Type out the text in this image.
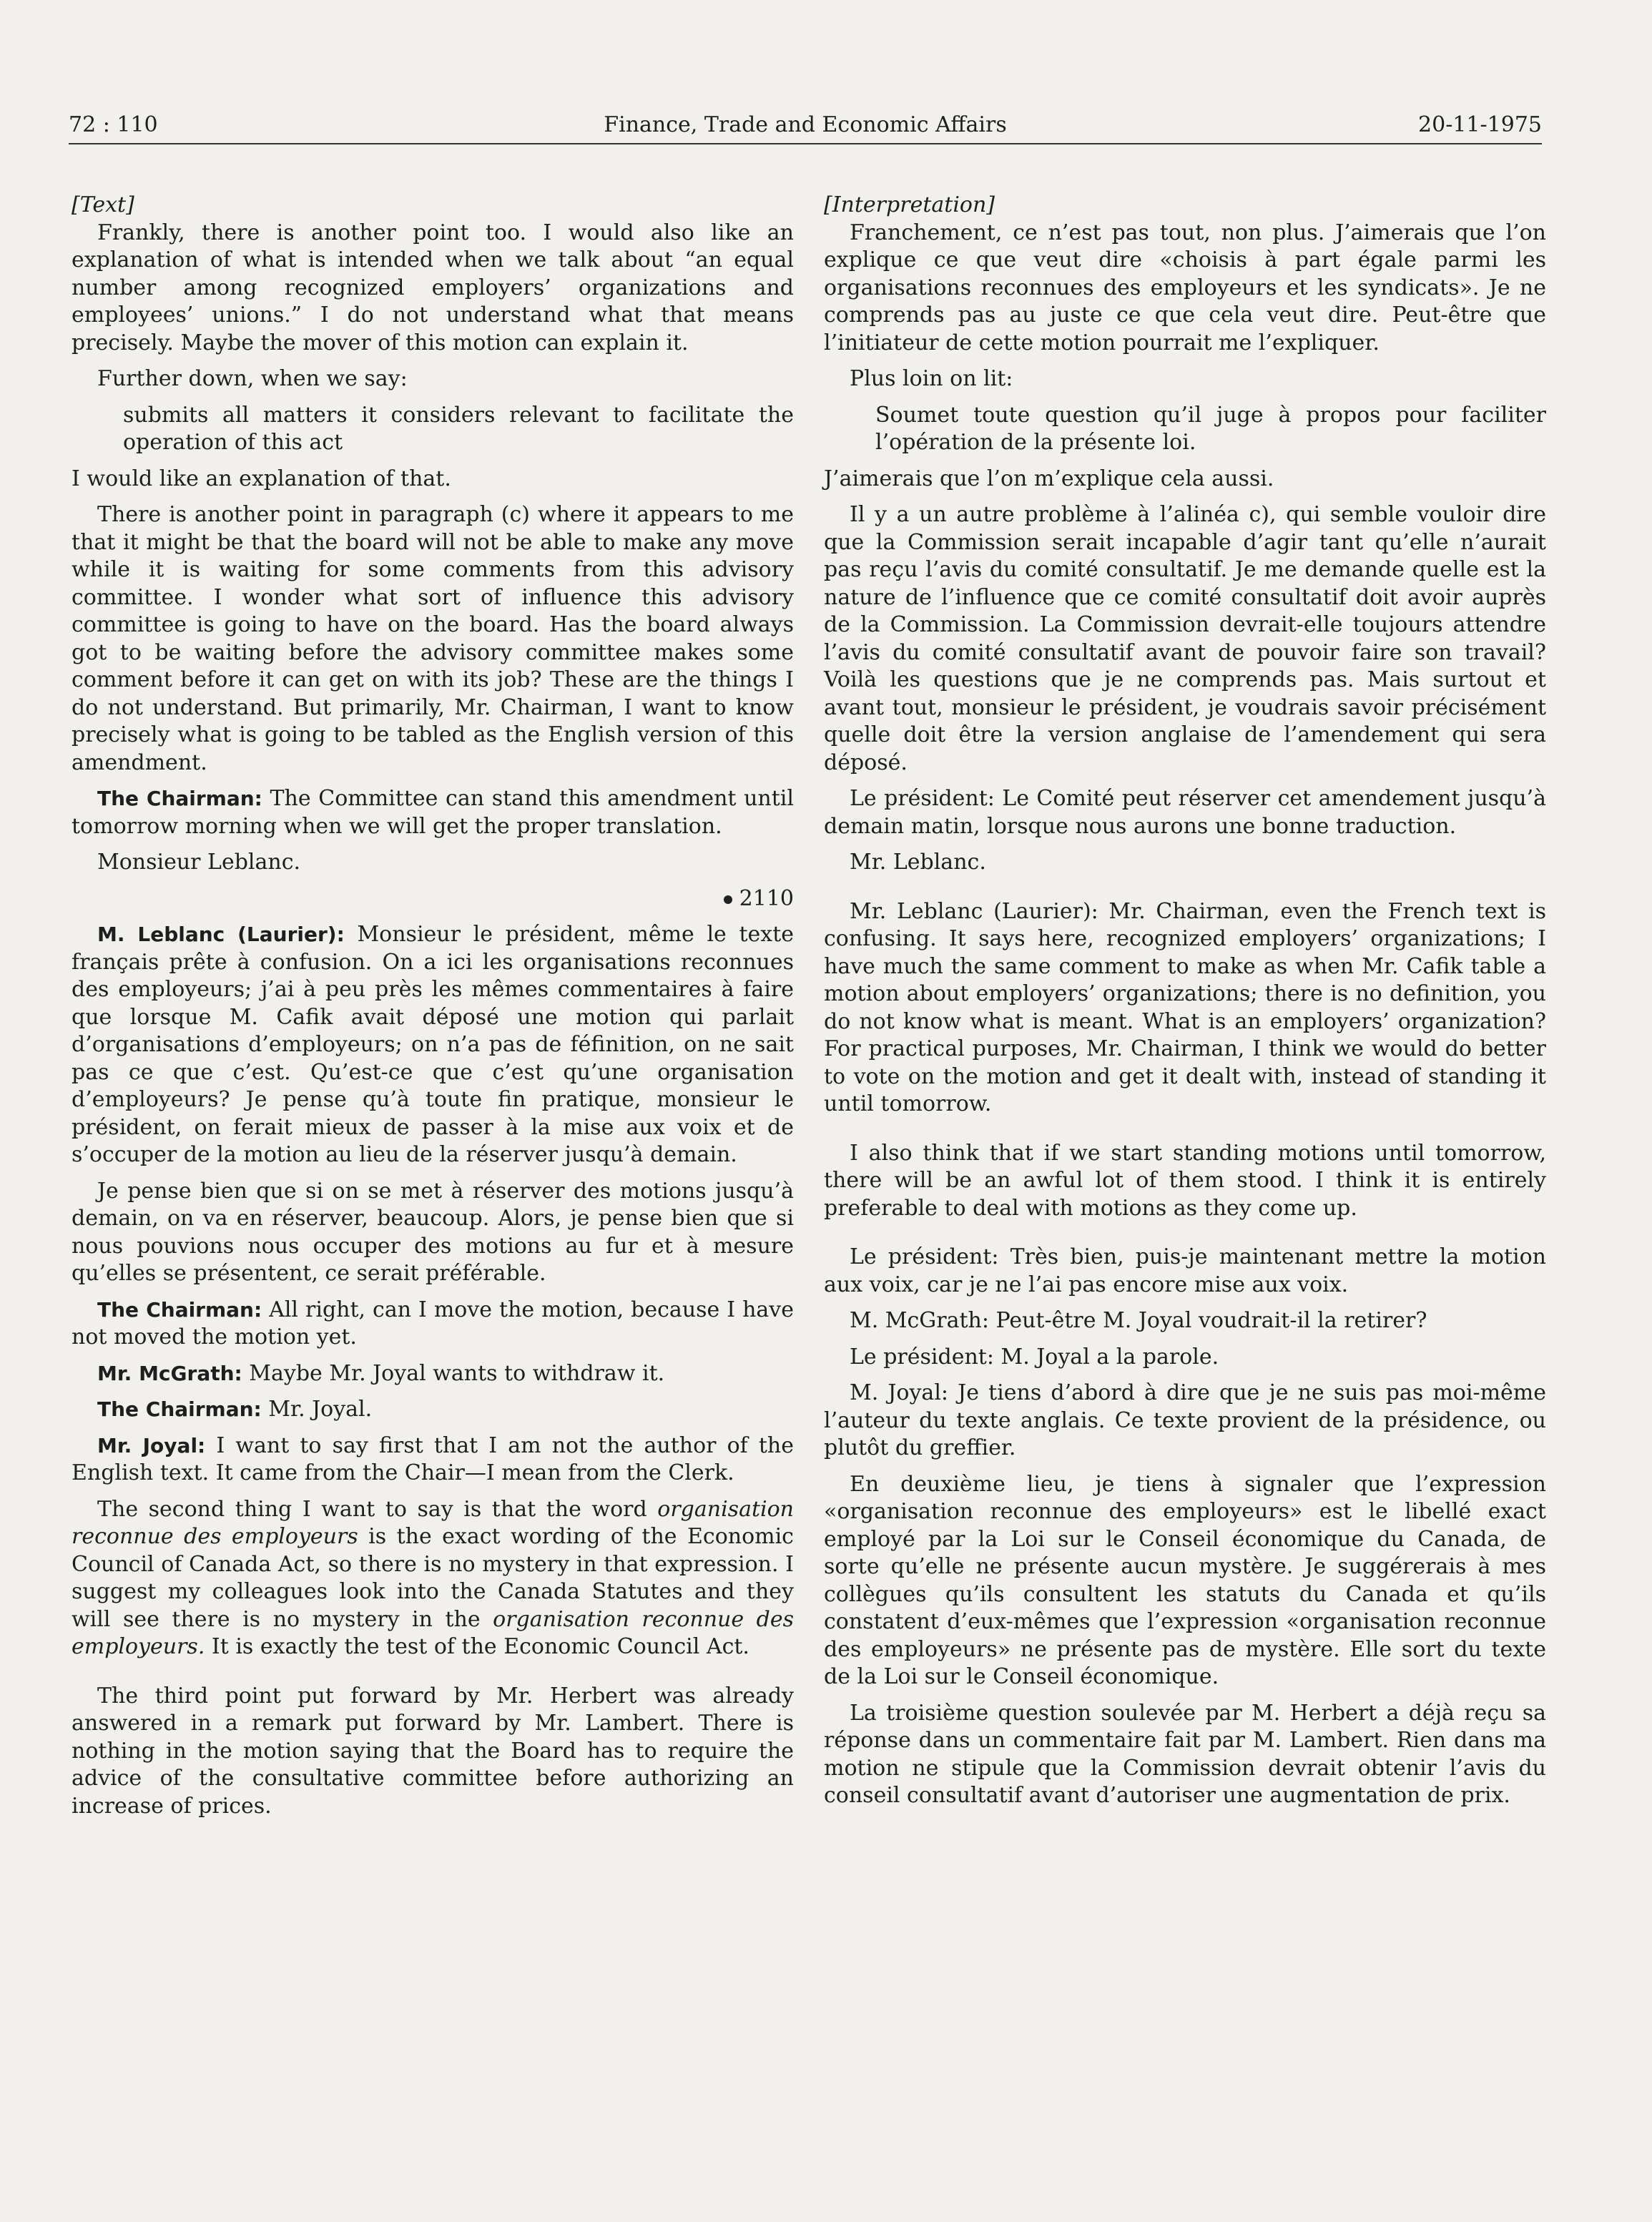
72 : 110	Finance, Trade and Economic Affairs	20-11-1975

[Text]

Frankly, there is another point too. I would also like an explanation of what is intended when we talk about “an equal number among recognized employers’ organizations and employees’ unions.” I do not understand what that means precisely. Maybe the mover of this motion can explain it.

Further down, when we say:

submits all matters it considers relevant to facilitate the operation of this act

I would like an explanation of that.

There is another point in paragraph (c) where it appears to me that it might be that the board will not be able to make any move while it is waiting for some comments from this advisory committee. I wonder what sort of influence this advisory committee is going to have on the board. Has the board always got to be waiting before the advisory committee makes some comment before it can get on with its job? These are the things I do not understand. But primarily, Mr. Chairman, I want to know precisely what is going to be tabled as the English version of this amendment.

The Chairman: The Committee can stand this amendment until tomorrow morning when we will get the proper translation.

Monsieur Leblanc.

2110

M. Leblanc (Laurier): Monsieur le président, même le texte français prête à confusion. On a ici les organisations reconnues des employeurs; j’ai à peu près les mêmes commentaires à faire que lorsque M. Cafik avait déposé une motion qui parlait d’organisations d’employeurs; on n’a pas de féfinition, on ne sait pas ce que c’est. Qu’est-ce que c’est qu’une organisation d’employeurs? Je pense qu’à toute fin pratique, monsieur le président, on ferait mieux de passer à la mise aux voix et de s’occuper de la motion au lieu de la réserver jusqu’à demain.

Je pense bien que si on se met à réserver des motions jusqu’à demain, on va en réserver, beaucoup. Alors, je pense bien que si nous pouvions nous occuper des motions au fur et à mesure qu’elles se présentent, ce serait préférable.

The Chairman: All right, can I move the motion, because I have not moved the motion yet.

Mr. McGrath: Maybe Mr. Joyal wants to withdraw it.

The Chairman: Mr. Joyal.

Mr. Joyal: I want to say first that I am not the author of the English text. It came from the Chair—I mean from the Clerk.

The second thing I want to say is that the word organisation reconnue des employeurs is the exact wording of the Economic Council of Canada Act, so there is no mystery in that expression. I suggest my colleagues look into the Canada Statutes and they will see there is no mystery in the organisation reconnue des employeurs. It is exactly the test of the Economic Council Act.

The third point put forward by Mr. Herbert was already answered in a remark put forward by Mr. Lambert. There is nothing in the motion saying that the Board has to require the advice of the consultative committee before authorizing an increase of prices.

[Interpretation]

Franchement, ce n’est pas tout, non plus. J’aimerais que l’on explique ce que veut dire «choisis à part égale parmi les organisations reconnues des employeurs et les syndicats». Je ne comprends pas au juste ce que cela veut dire. Peut-être que l’initiateur de cette motion pourrait me l’expliquer.

Plus loin on lit:

Soumet toute question qu’il juge à propos pour faciliter l’opération de la présente loi.

J’aimerais que l’on m’explique cela aussi.

Il y a un autre problème à l’alinéa c), qui semble vouloir dire que la Commission serait incapable d’agir tant qu’elle n’aurait pas reçu l’avis du comité consultatif. Je me demande quelle est la nature de l’influence que ce comité consultatif doit avoir auprès de la Commission. La Commission devrait-elle toujours attendre l’avis du comité consultatif avant de pouvoir faire son travail? Voilà les questions que je ne comprends pas. Mais surtout et avant tout, monsieur le président, je voudrais savoir précisément quelle doit être la version anglaise de l’amendement qui sera déposé.

Le président: Le Comité peut réserver cet amendement jusqu’à demain matin, lorsque nous aurons une bonne traduction.

Mr. Leblanc.

Mr. Leblanc (Laurier): Mr. Chairman, even the French text is confusing. It says here, recognized employers’ organizations; I have much the same comment to make as when Mr. Cafik table a motion about employers’ organizations; there is no definition, you do not know what is meant. What is an employers’ organization? For practical purposes, Mr. Chairman, I think we would do better to vote on the motion and get it dealt with, instead of standing it until tomorrow.

I also think that if we start standing motions until tomorrow, there will be an awful lot of them stood. I think it is entirely preferable to deal with motions as they come up.

Le président: Très bien, puis-je maintenant mettre la motion aux voix, car je ne l’ai pas encore mise aux voix.

M. McGrath: Peut-être M. Joyal voudrait-il la retirer?

Le président: M. Joyal a la parole.

M. Joyal: Je tiens d’abord à dire que je ne suis pas moi-même l’auteur du texte anglais. Ce texte provient de la présidence, ou plutôt du greffier.

En deuxième lieu, je tiens à signaler que l’expression «organisation reconnue des employeurs» est le libellé exact employé par la Loi sur le Conseil économique du Canada, de sorte qu’elle ne présente aucun mystère. Je suggérerais à mes collègues qu’ils consultent les statuts du Canada et qu’ils constatent d’eux-mêmes que l’expression «organisation reconnue des employeurs» ne présente pas de mystère. Elle sort du texte de la Loi sur le Conseil économique.

La troisième question soulevée par M. Herbert a déjà reçu sa réponse dans un commentaire fait par M. Lambert. Rien dans ma motion ne stipule que la Commission devrait obtenir l’avis du conseil consultatif avant d’autoriser une augmentation de prix.
